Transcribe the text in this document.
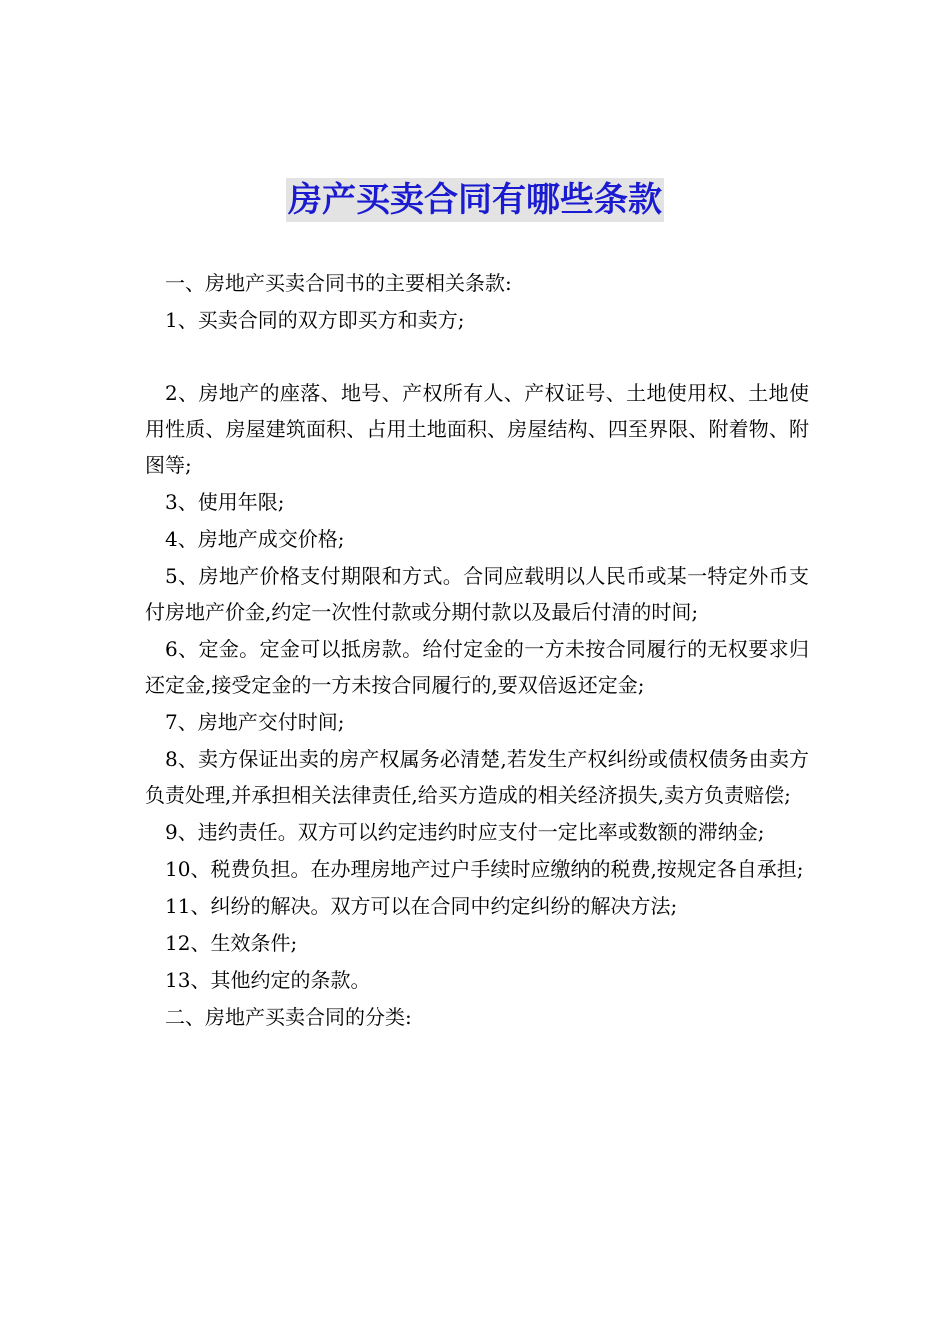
房产买卖合同有哪些条款

一、房地产买卖合同书的主要相关条款:

1、买卖合同的双方即买方和卖方;

2、房地产的座落、地号、产权所有人、产权证号、土地使用权、土地使用性质、房屋建筑面积、占用土地面积、房屋结构、四至界限、附着物、附图等;

3、使用年限;

4、房地产成交价格;

5、房地产价格支付期限和方式。合同应载明以人民币或某一特定外币支付房地产价金,约定一次性付款或分期付款以及最后付清的时间;

6、定金。定金可以抵房款。给付定金的一方未按合同履行的无权要求归还定金,接受定金的一方未按合同履行的,要双倍返还定金;

7、房地产交付时间;

8、卖方保证出卖的房产权属务必清楚,若发生产权纠纷或债权债务由卖方负责处理,并承担相关法律责任,给买方造成的相关经济损失,卖方负责赔偿;

9、违约责任。双方可以约定违约时应支付一定比率或数额的滞纳金;

10、税费负担。在办理房地产过户手续时应缴纳的税费,按规定各自承担;

11、纠纷的解决。双方可以在合同中约定纠纷的解决方法;

12、生效条件;

13、其他约定的条款。

二、房地产买卖合同的分类:
